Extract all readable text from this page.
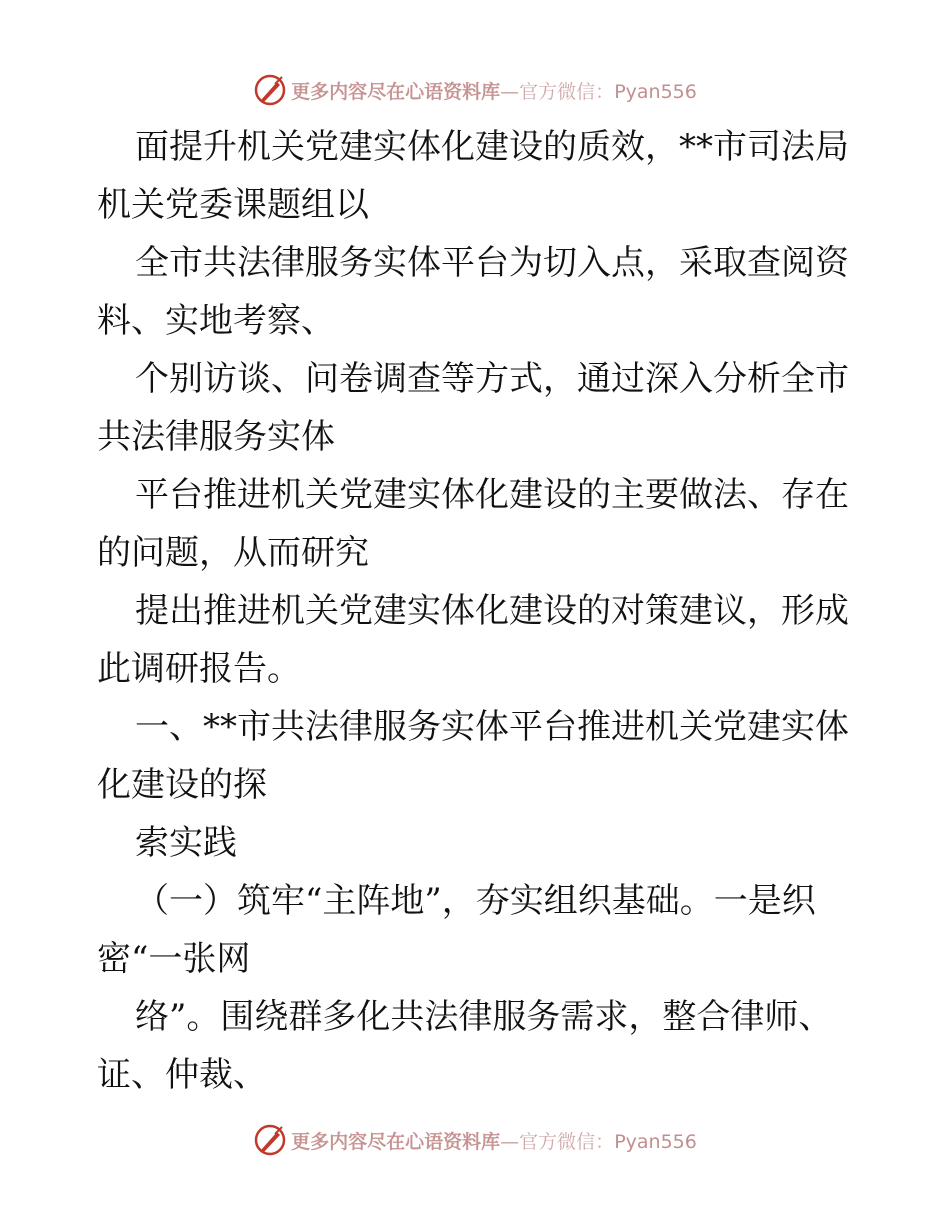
更多内容尽在心语资料库—官方微信：Pyan556

面提升机关党建实体化建设的质效，**市司法局

机关党委课题组以

全市共法律服务实体平台为切入点，采取查阅资

料、实地考察、

个别访谈、问卷调查等方式，通过深入分析全市

共法律服务实体

平台推进机关党建实体化建设的主要做法、存在

的问题，从而研究

提出推进机关党建实体化建设的对策建议，形成

此调研报告。

一、**市共法律服务实体平台推进机关党建实体

化建设的探

索实践

（一）筑牢“主阵地”，夯实组织基础。一是织

密“一张网

络”。围绕群多化共法律服务需求，整合律师、

证、仲裁、

更多内容尽在心语资料库—官方微信：Pyan556
